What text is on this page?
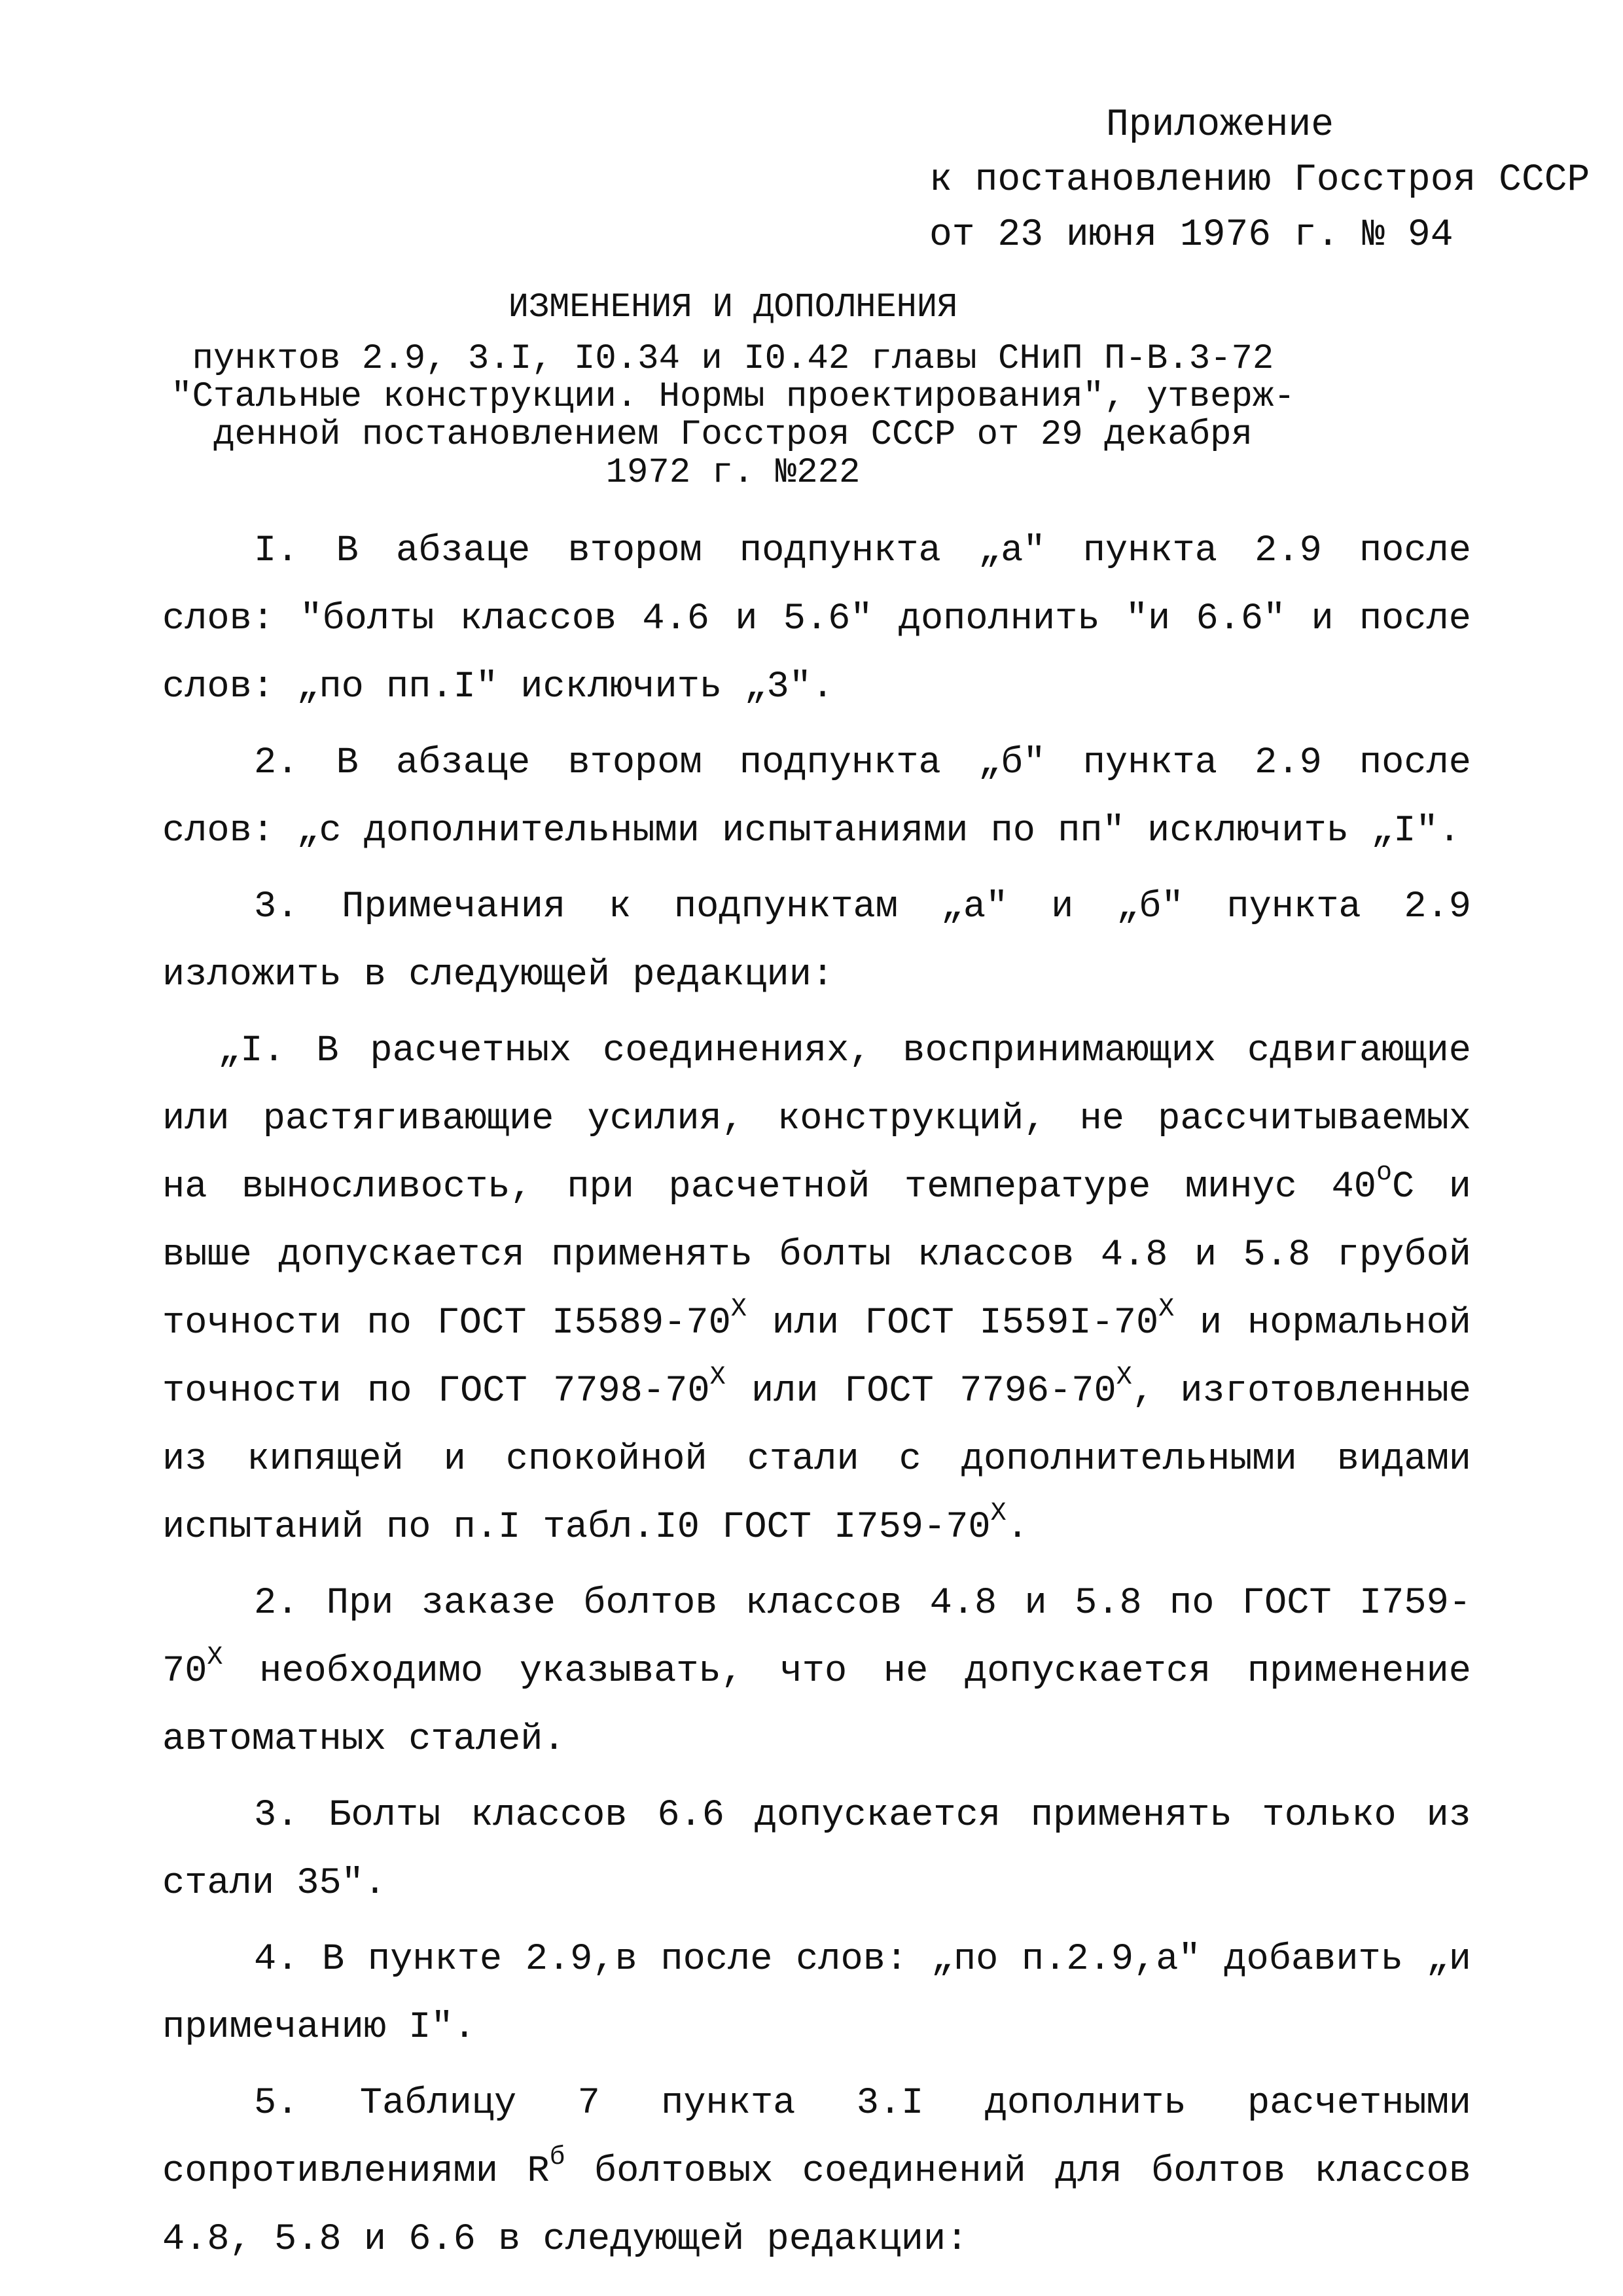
Приложение
к постановлению Госстроя СССР
от 23 июня 1976 г. № 94
ИЗМЕНЕНИЯ И ДОПОЛНЕНИЯ
пунктов 2.9, 3.I, I0.34 и I0.42 главы СНиП П-В.3-72
"Стальные конструкции. Нормы проектирования", утверж-
денной постановлением Госстроя СССР от 29 декабря
1972 г. №222

I. В абзаце втором подпункта „а" пункта 2.9 после слов: "болты классов 4.6 и 5.6" дополнить "и 6.6" и после слов: „по пп.I" исключить „3".

2. В абзаце втором подпункта „б" пункта 2.9 после слов: „с дополнительными испытаниями по пп" исключить „I".

3. Примечания к подпунктам „а" и „б" пункта 2.9 изложить в следующей редакции:

„I. В расчетных соединениях, воспринимающих сдвигающие или растягивающие усилия, конструкций, не рассчитываемых на выносливость, при расчетной температуре минус 40$^o$C и выше допускается применять болты классов 4.8 и 5.8 грубой точности по ГОСТ $I5589-70^X$ или ГОСТ $I559I-70^X$ и нормальной точности по ГОСТ $7798-70^X$ или ГОСТ $7796-70^X$, изготовленные из кипящей и спокойной стали с дополнительными видами испытаний по п.I табл.I0 ГОСТ $I759-70^X$.

2. При заказе болтов классов 4.8 и 5.8 по ГОСТ $I759-70^X$ необходимо указывать, что не допускается применение автоматных сталей.

3. Болты классов 6.6 допускается применять только из стали 35".

4. В пункте 2.9,в после слов: „по п.2.9,а" добавить „и примечанию I".

5. Таблицу 7 пункта 3.I дополнить расчетными сопротивлениями $R^б$ болтовых соединений для болтов классов 4.8, 5.8 и 6.6 в следующей редакции:
